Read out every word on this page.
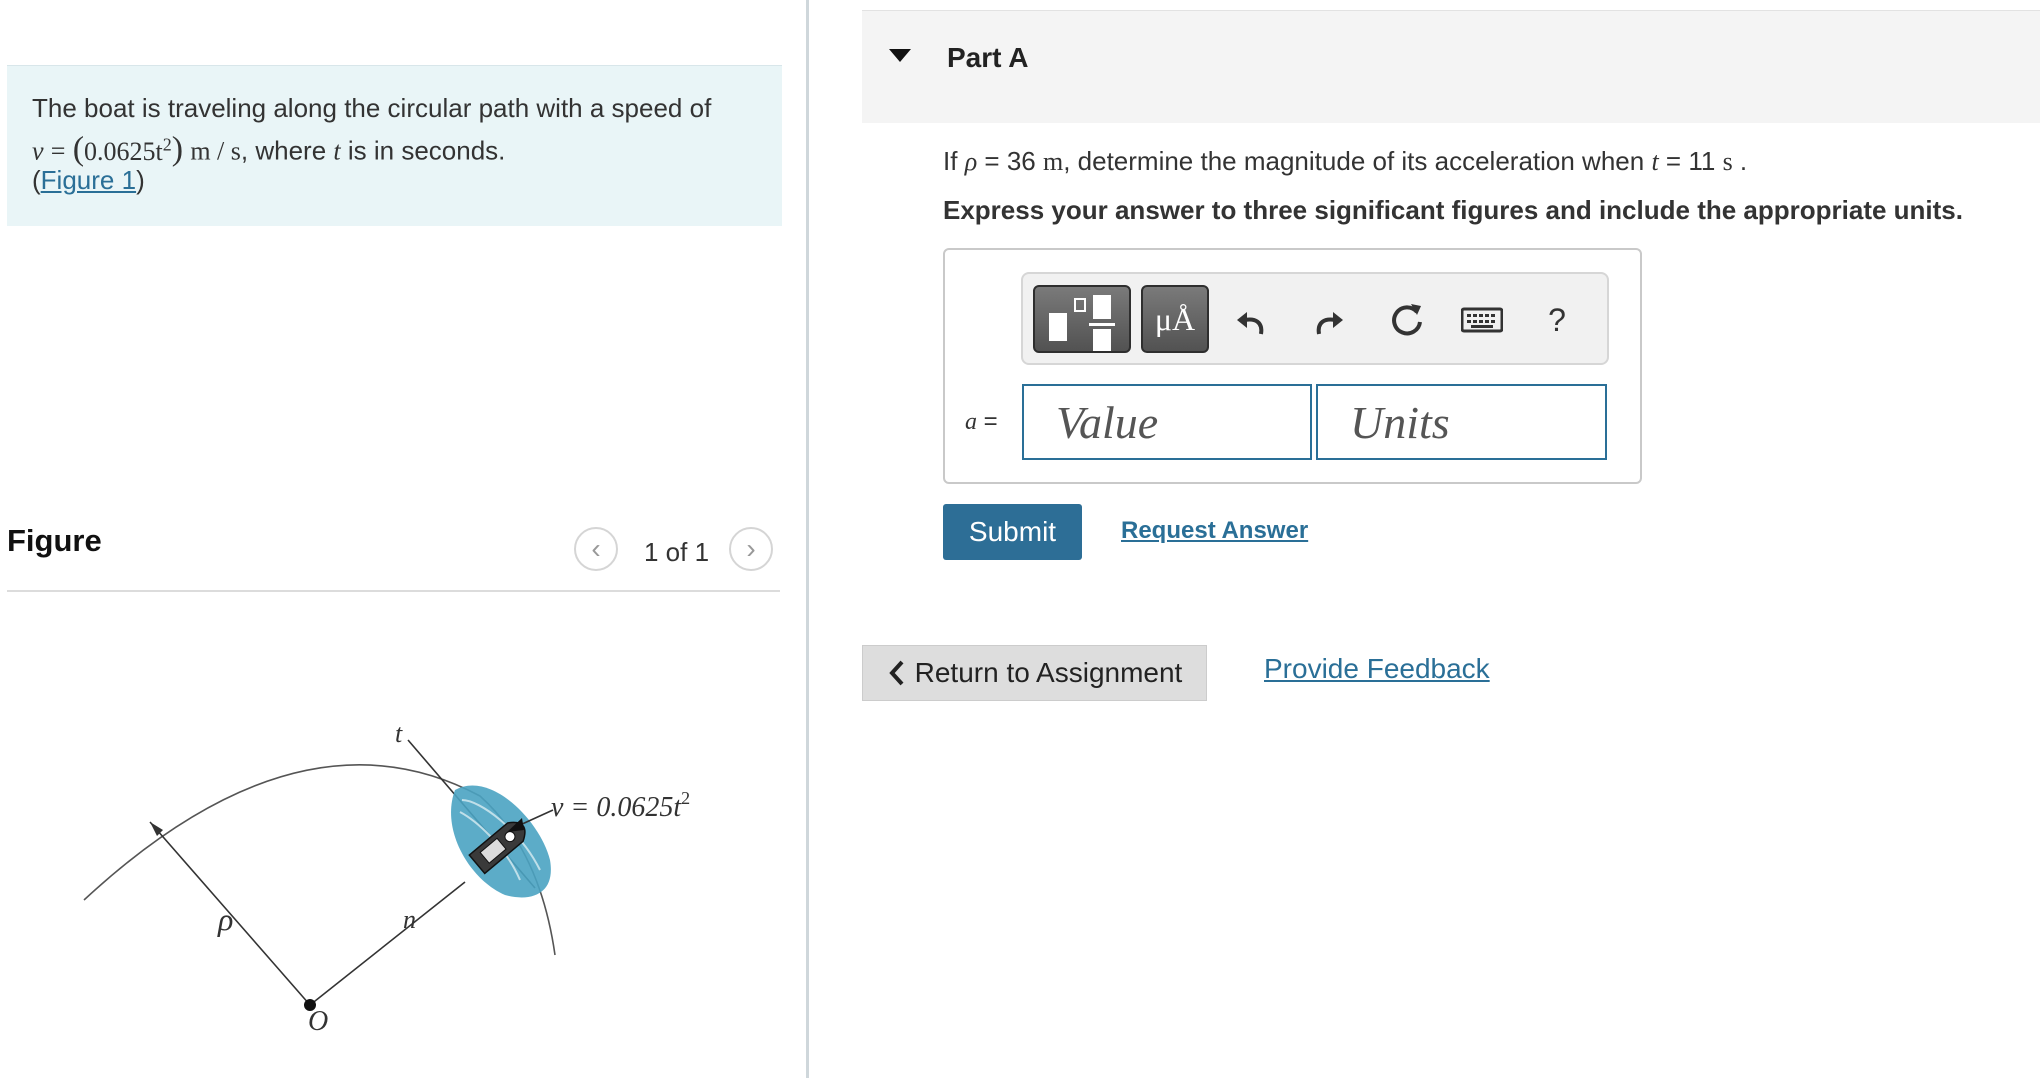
The boat is traveling along the circular path with a speed of
$v = (0.0625t^2)$ m / s, where t is in seconds.
(Figure 1)
Figure	‹ 1 of 1 ›
t
n
ρ
O
$v = 0.0625t^2$
Part A
If ρ = 36 m, determine the magnitude of its acceleration when t = 11 s .
Express your answer to three significant figures and include the appropriate units.
μÅ	?
a =	Value	Units
Submit	Request Answer
Return to Assignment	Provide Feedback
